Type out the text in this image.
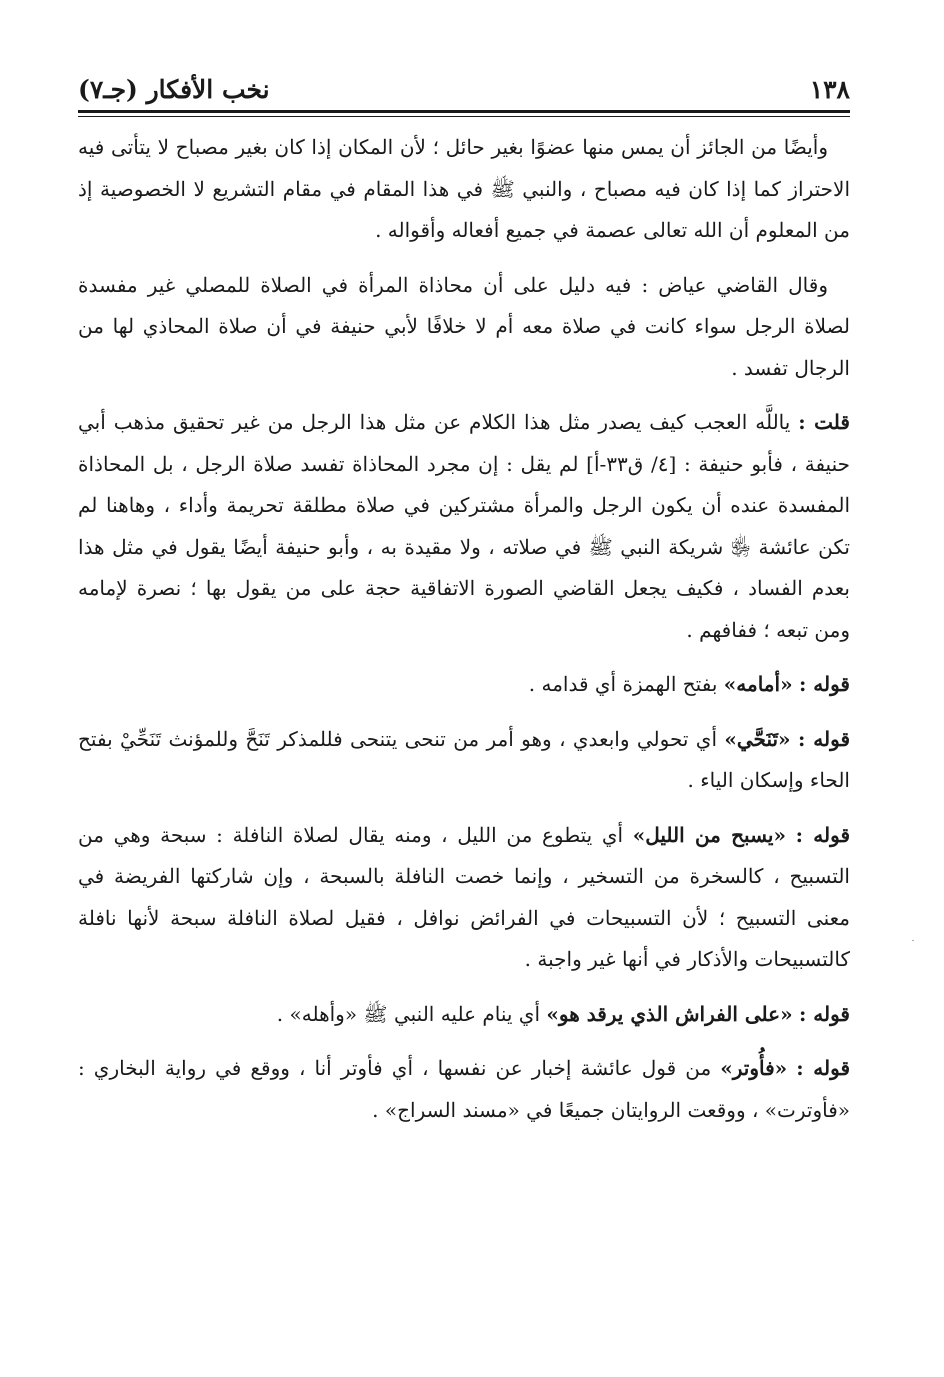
١٣٨
نخب الأفكار (جـ٧)

وأيضًا من الجائز أن يمس منها عضوًا بغير حائل ؛ لأن المكان إذا كان بغير مصباح لا يتأتى فيه الاحتراز كما إذا كان فيه مصباح ، والنبي ﷺ في هذا المقام في مقام التشريع لا الخصوصية إذ من المعلوم أن الله تعالى عصمة في جميع أفعاله وأقواله .

وقال القاضي عياض : فيه دليل على أن محاذاة المرأة في الصلاة للمصلي غير مفسدة لصلاة الرجل سواء كانت في صلاة معه أم لا خلافًا لأبي حنيفة في أن صلاة المحاذي لها من الرجال تفسد .

قلت : ياللَّه العجب كيف يصدر مثل هذا الكلام عن مثل هذا الرجل من غير تحقيق مذهب أبي حنيفة ، فأبو حنيفة : [٤/ ق٣٣-أ] لم يقل : إن مجرد المحاذاة تفسد صلاة الرجل ، بل المحاذاة المفسدة عنده أن يكون الرجل والمرأة مشتركين في صلاة مطلقة تحريمة وأداء ، وهاهنا لم تكن عائشة ﵂ شريكة النبي ﷺ في صلاته ، ولا مقيدة به ، وأبو حنيفة أيضًا يقول في مثل هذا بعدم الفساد ، فكيف يجعل القاضي الصورة الاتفاقية حجة على من يقول بها ؛ نصرة لإمامه ومن تبعه ؛ ففافهم .

قوله : «أمامه» بفتح الهمزة أي قدامه .

قوله : «تَنَحَّي» أي تحولي وابعدي ، وهو أمر من تنحى يتنحى فللمذكر تَنَحَّ وللمؤنث تَنَحِّيْ بفتح الحاء وإسكان الياء .

قوله : «يسبح من الليل» أي يتطوع من الليل ، ومنه يقال لصلاة النافلة : سبحة وهي من التسبيح ، كالسخرة من التسخير ، وإنما خصت النافلة بالسبحة ، وإن شاركتها الفريضة في معنى التسبيح ؛ لأن التسبيحات في الفرائض نوافل ، فقيل لصلاة النافلة سبحة لأنها نافلة كالتسبيحات والأذكار في أنها غير واجبة .

قوله : «على الفراش الذي يرقد هو» أي ينام عليه النبي ﷺ «وأهله» .

قوله : «فأُوتر» من قول عائشة إخبار عن نفسها ، أي فأوتر أنا ، ووقع في رواية البخاري : «فأوترت» ، ووقعت الروايتان جميعًا في «مسند السراج» .
